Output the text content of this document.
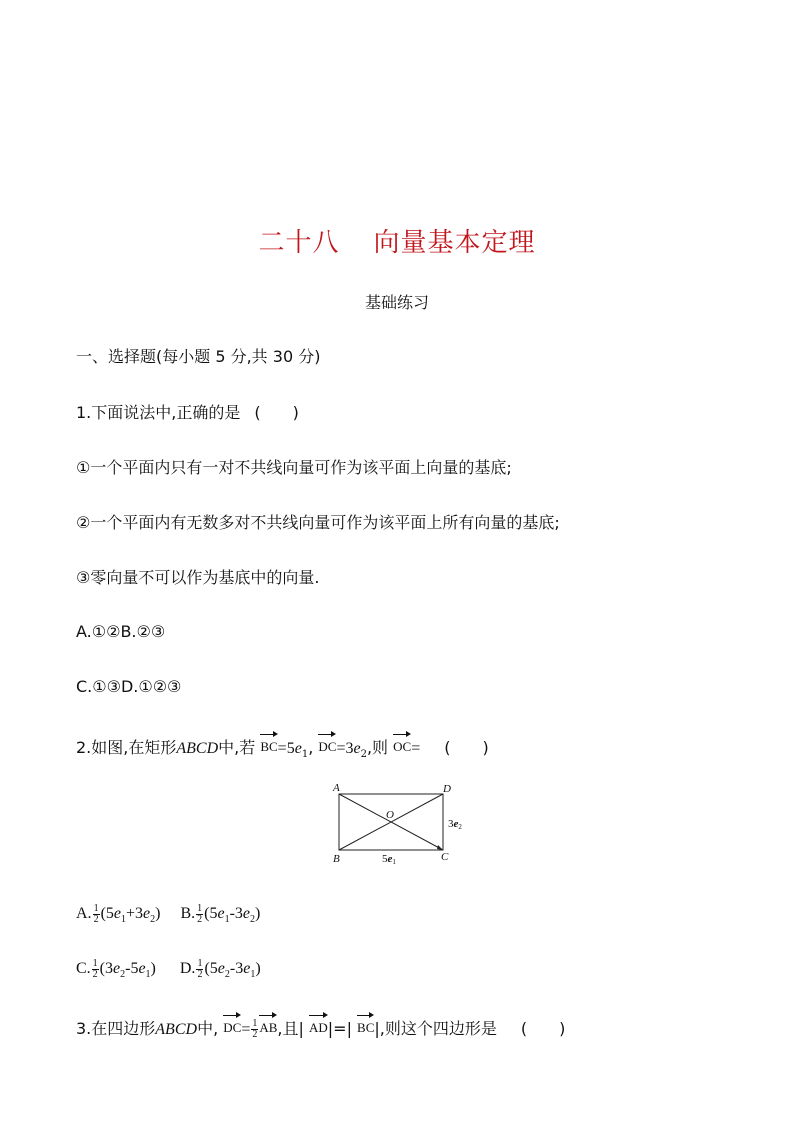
二十八 向量基本定理
基础练习
一、选择题(每小题 5 分,共 30 分)
1.下面说法中,正确的是 (　　)
①一个平面内只有一对不共线向量可作为该平面上向量的基底;
②一个平面内有无数多对不共线向量可作为该平面上所有向量的基底;
③零向量不可以作为基底中的向量.
A.①②B.②③
C.①③D.①②③
2.如图,在矩形ABCD中,若 $BC=5e_1$, $DC=3e_2$,则 OC= (　　)
A	D
B	C
O
3e2
5e1
A. $\frac{1}{2} (5e_1+3e_2)$ B. $\frac{1}{2} (5e_1-3e_2)$
C. $\frac{1}{2} (3e_2-5e_1)$ D. $\frac{1}{2} (5e_2-3e_1)$
3.在四边形ABCD中, $DC= \frac{1}{2}$ AB,且| AD|=| BC|,则这个四边形是 (　　)
